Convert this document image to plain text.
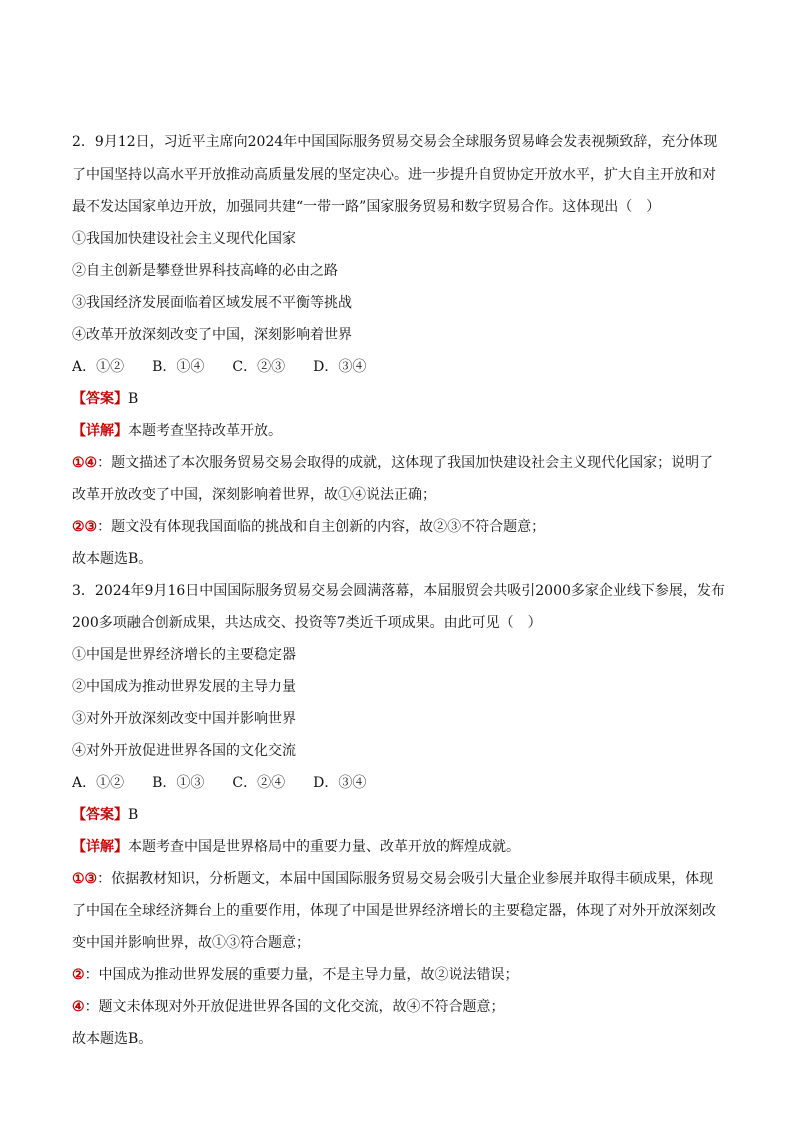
2．9月12日，习近平主席向2024年中国国际服务贸易交易会全球服务贸易峰会发表视频致辞，充分体现
了中国坚持以高水平开放推动高质量发展的坚定决心。进一步提升自贸协定开放水平，扩大自主开放和对
最不发达国家单边开放，加强同共建“一带一路”国家服务贸易和数字贸易合作。这体现出（　）
①我国加快建设社会主义现代化国家
②自主创新是攀登世界科技高峰的必由之路
③我国经济发展面临着区域发展不平衡等挑战
④改革开放深刻改变了中国，深刻影响着世界
A．①②　　B．①④　　C．②③　　D．③④
【答案】B
【详解】本题考查坚持改革开放。
①④：题文描述了本次服务贸易交易会取得的成就，这体现了我国加快建设社会主义现代化国家；说明了
改革开放改变了中国，深刻影响着世界，故①④说法正确；
②③：题文没有体现我国面临的挑战和自主创新的内容，故②③不符合题意；
故本题选B。
3．2024年9月16日中国国际服务贸易交易会圆满落幕，本届服贸会共吸引2000多家企业线下参展，发布
200多项融合创新成果，共达成交、投资等7类近千项成果。由此可见（　）
①中国是世界经济增长的主要稳定器
②中国成为推动世界发展的主导力量
③对外开放深刻改变中国并影响世界
④对外开放促进世界各国的文化交流
A．①②　　B．①③　　C．②④　　D．③④
【答案】B
【详解】本题考查中国是世界格局中的重要力量、改革开放的辉煌成就。
①③：依据教材知识，分析题文，本届中国国际服务贸易交易会吸引大量企业参展并取得丰硕成果，体现
了中国在全球经济舞台上的重要作用，体现了中国是世界经济增长的主要稳定器，体现了对外开放深刻改
变中国并影响世界，故①③符合题意；
②：中国成为推动世界发展的重要力量，不是主导力量，故②说法错误；
④：题文未体现对外开放促进世界各国的文化交流，故④不符合题意；
故本题选B。
